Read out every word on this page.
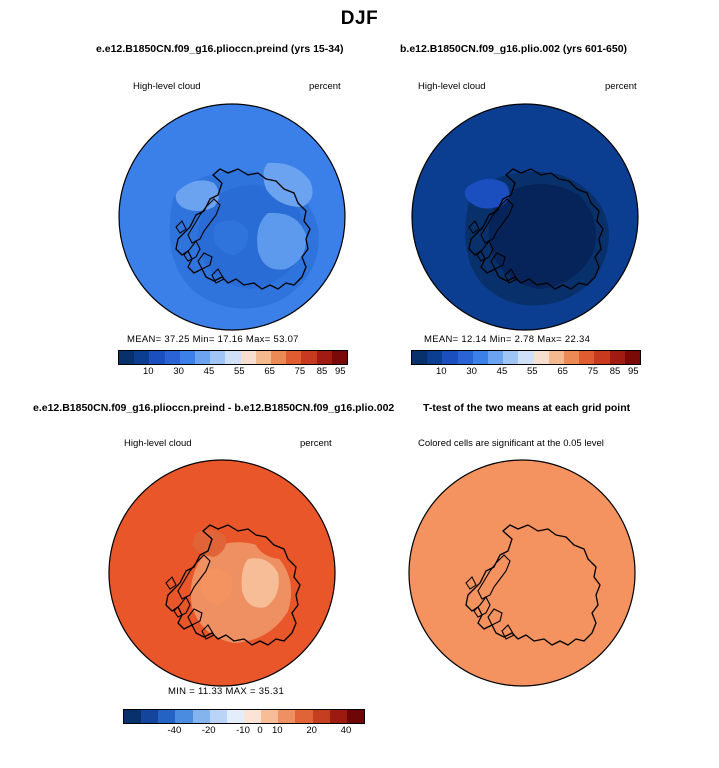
DJF
e.e12.B1850CN.f09_g16.plioccn.preind (yrs 15-34)
High-level cloud	percent
MEAN= 37.25 Min= 17.16 Max= 53.07
10 30 45 55 65 75 85 95
b.e12.B1850CN.f09_g16.plio.002 (yrs 601-650)
High-level cloud	percent
MEAN= 12.14 Min= 2.78 Max= 22.34
10 30 45 55 65 75 85 95
e.e12.B1850CN.f09_g16.plioccn.preind - b.e12.B1850CN.f09_g16.plio.002	T-test of the two means at each grid point
High-level cloud	percent
MIN = 11.33 MAX = 35.31
-40 -20 -10 0 10 20	40
Colored cells are significant at the 0.05 level
